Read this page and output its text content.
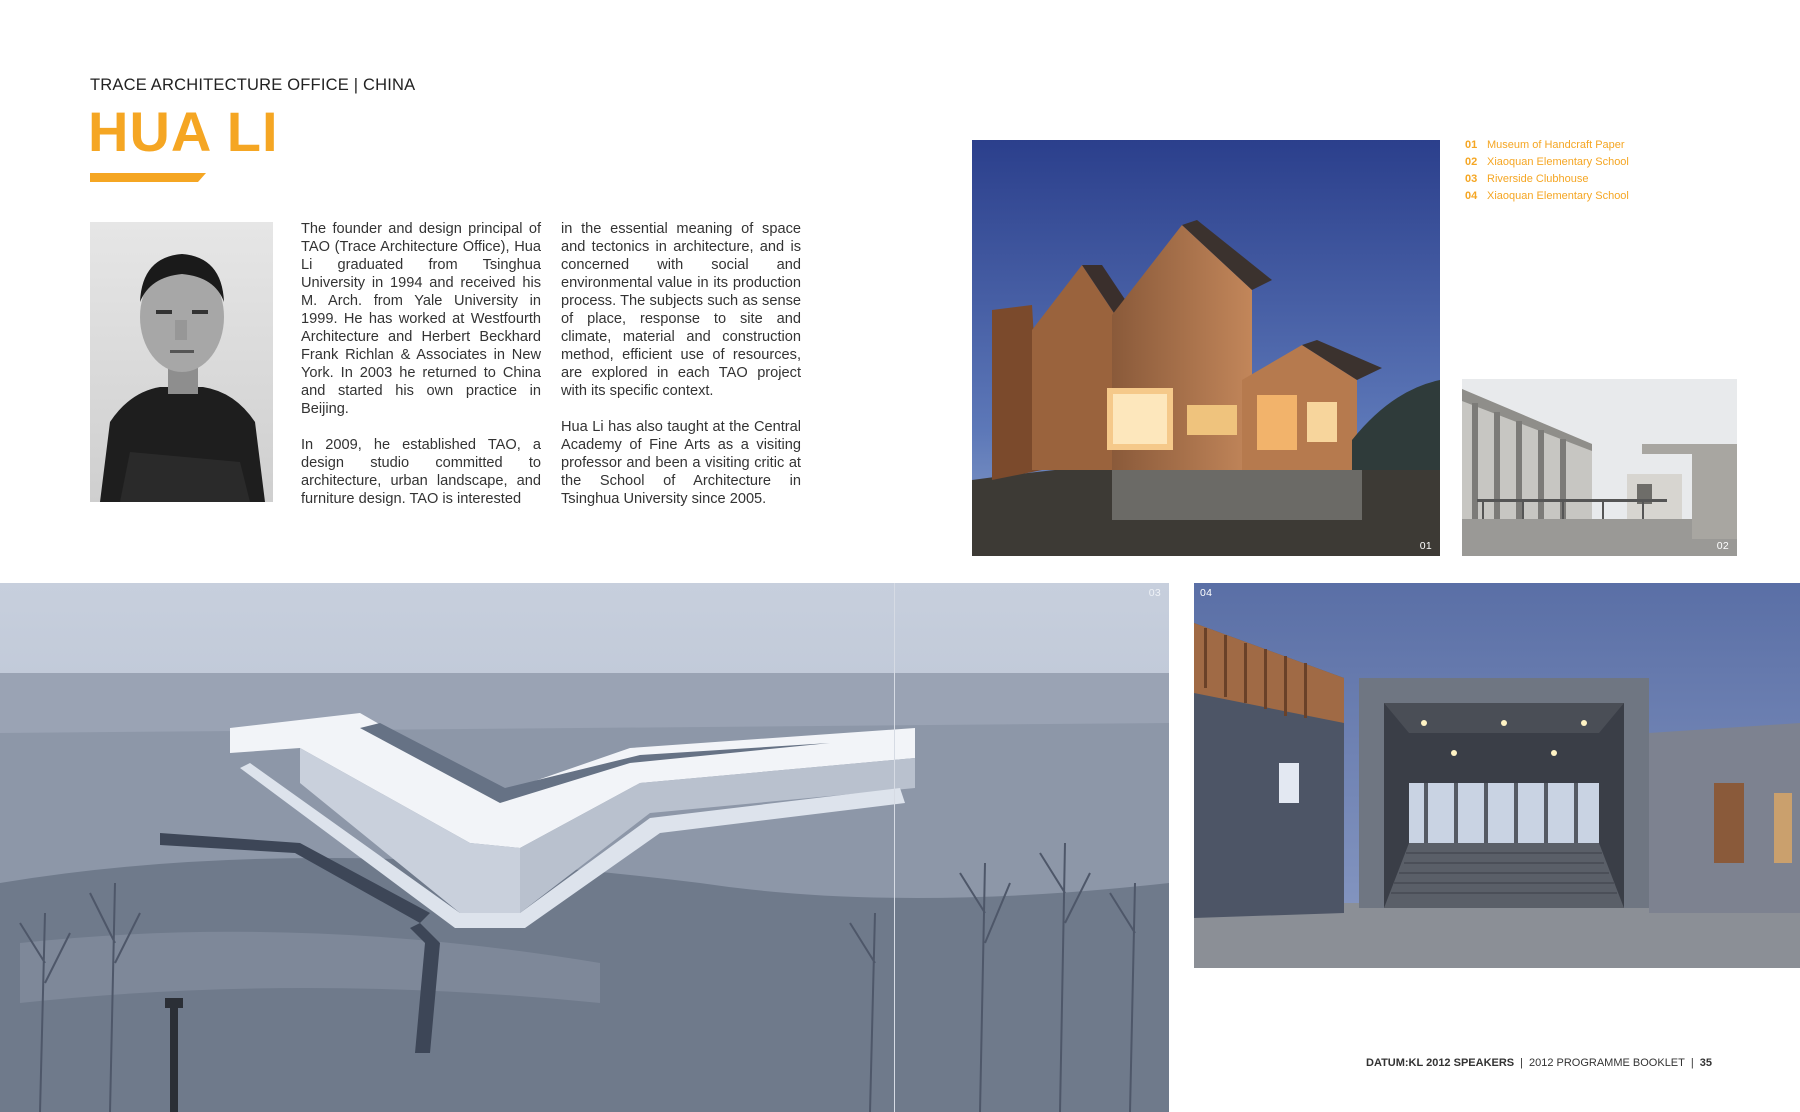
TRACE ARCHITECTURE OFFICE | CHINA
HUA LI

The founder and design principal of TAO (Trace Architecture Office), Hua Li graduated from Tsinghua University in 1994 and received his M. Arch. from Yale University in 1999. He has worked at Westfourth Architecture and Herbert Beckhard Frank Richlan & Associates in New York. In 2003 he returned to China and started his own practice in Beijing.

In 2009, he established TAO, a design studio committed to architecture, urban landscape, and furniture design. TAO is interested

in the essential meaning of space and tectonics in architecture, and is concerned with social and environmental value in its production process. The subjects such as sense of place, response to site and climate, material and construction method, efficient use of resources, are explored in each TAO project with its specific context.

Hua Li has also taught at the Central Academy of Fine Arts as a visiting professor and been a visiting critic at the School of Architecture in Tsinghua University since 2005.

01	02
03	04
01 Museum of Handcraft Paper
02 Xiaoquan Elementary School
03 Riverside Clubhouse
04 Xiaoquan Elementary School
DATUM:KL 2012 SPEAKERS | 2012 PROGRAMME BOOKLET | 35
